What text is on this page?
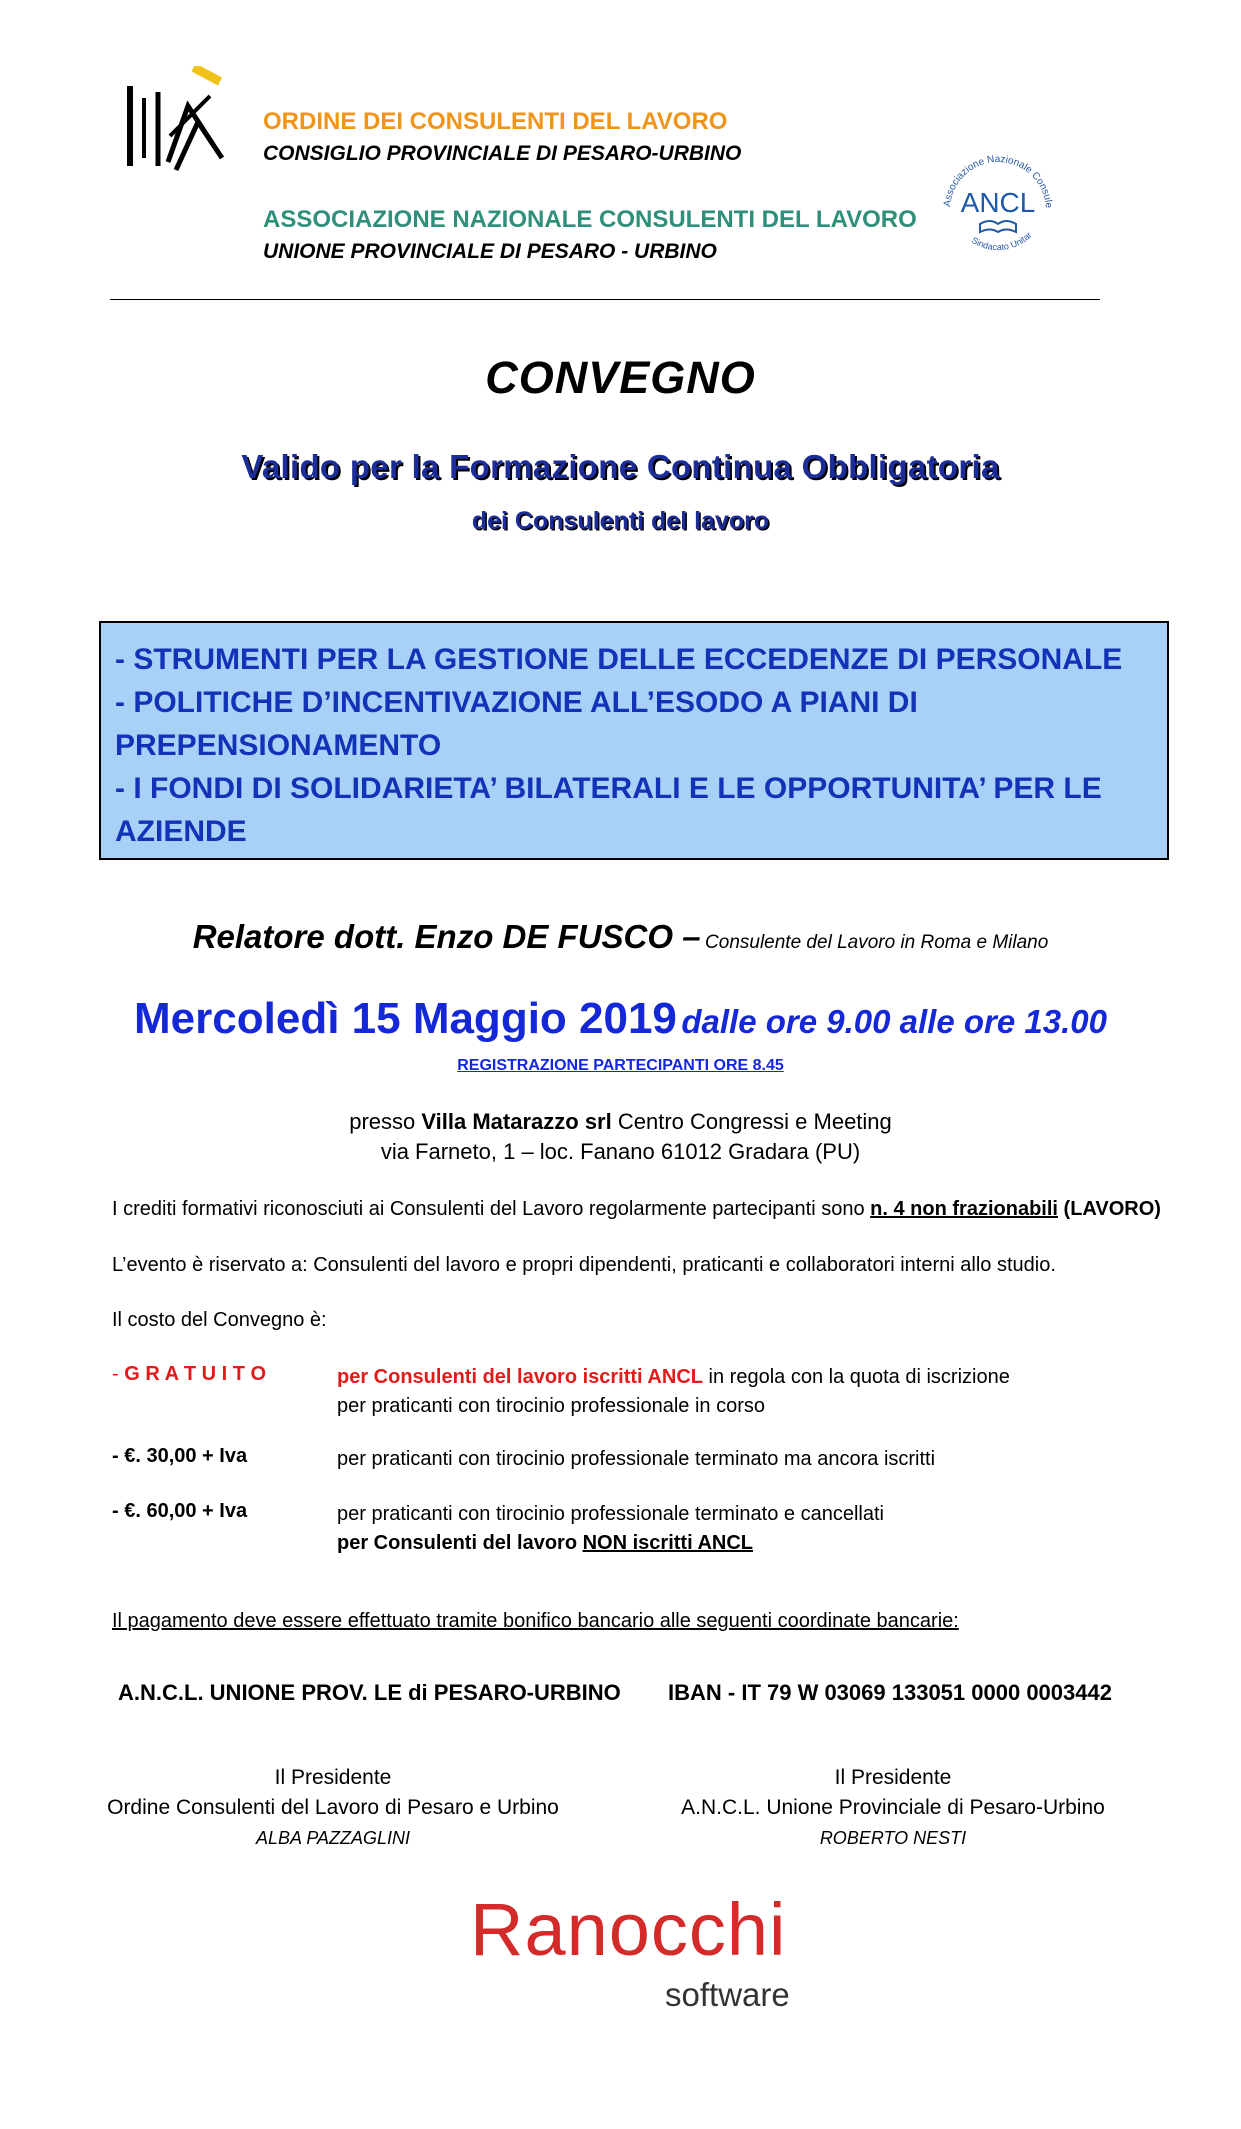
ORDINE DEI CONSULENTI DEL LAVORO
CONSIGLIO PROVINCIALE DI PESARO-URBINO
ASSOCIAZIONE NAZIONALE CONSULENTI DEL LAVORO
UNIONE PROVINCIALE DI PESARO - URBINO
Associazione Nazionale Consule
Sindacato Unitar
ANCL
CONVEGNO
Valido per la Formazione Continua Obbligatoria
dei Consulenti del lavoro
- STRUMENTI PER LA GESTIONE DELLE ECCEDENZE DI PERSONALE
- POLITICHE D’INCENTIVAZIONE ALL’ESODO A PIANI DI PREPENSIONAMENTO
- I FONDI DI SOLIDARIETA’ BILATERALI E LE OPPORTUNITA’ PER LE AZIENDE
Relatore dott. Enzo DE FUSCO – Consulente del Lavoro in Roma e Milano
Mercoledì 15 Maggio 2019 dalle ore 9.00 alle ore 13.00
REGISTRAZIONE PARTECIPANTI ORE 8.45
presso Villa Matarazzo srl Centro Congressi e Meeting
via Farneto, 1 – loc. Fanano 61012 Gradara (PU)
I crediti formativi riconosciuti ai Consulenti del Lavoro regolarmente partecipanti sono n. 4 non frazionabili (LAVORO)
L’evento è riservato a: Consulenti del lavoro e propri dipendenti, praticanti e collaboratori interni allo studio.
Il costo del Convegno è:
- G R A T U I T O	per Consulenti del lavoro iscritti ANCL in regola con la quota di iscrizione
per praticanti con tirocinio professionale in corso
- €. 30,00 + Iva	per praticanti con tirocinio professionale terminato ma ancora iscritti
- €. 60,00 + Iva	per praticanti con tirocinio professionale terminato e cancellati
per Consulenti del lavoro NON iscritti ANCL
Il pagamento deve essere effettuato tramite bonifico bancario alle seguenti coordinate bancarie:
A.N.C.L. UNIONE PROV. LE di PESARO-URBINO IBAN - IT 79 W 03069 133051 0000 0003442
Il Presidente
Ordine Consulenti del Lavoro di Pesaro e Urbino
ALBA PAZZAGLINI
Il Presidente
A.N.C.L. Unione Provinciale di Pesaro-Urbino
ROBERTO NESTI
Ranocchi
software
